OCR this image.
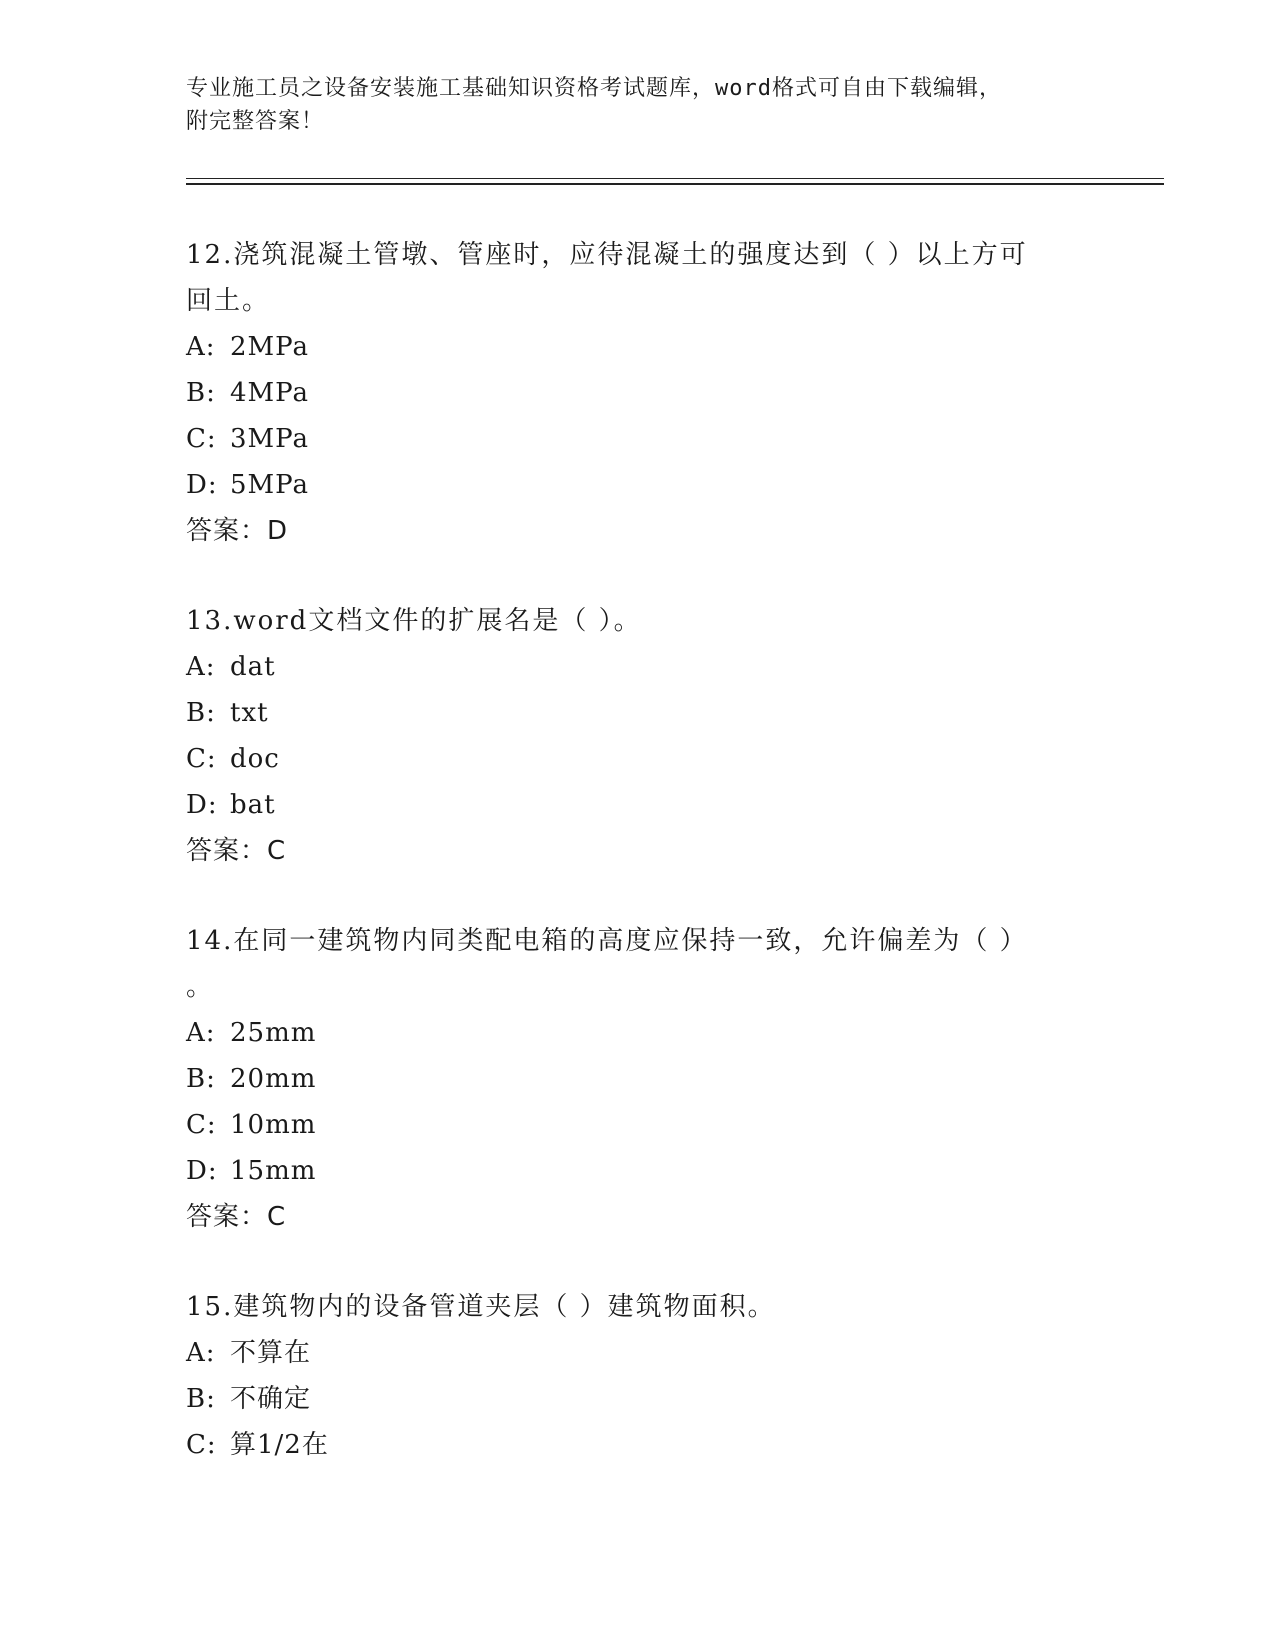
专业施工员之设备安装施工基础知识资格考试题库，word格式可自由下载编辑，
附完整答案！
12.浇筑混凝土管墩、管座时，应待混凝土的强度达到（ ）以上方可
回土。
A: 2MPa
B: 4MPa
C: 3MPa
D: 5MPa
答案：D
13.word文档文件的扩展名是（ ）。
A: dat
B: txt
C: doc
D: bat
答案：C
14.在同一建筑物内同类配电箱的高度应保持一致，允许偏差为（ ）
。
A: 25mm
B: 20mm
C: 10mm
D: 15mm
答案：C
15.建筑物内的设备管道夹层（ ）建筑物面积。
A: 不算在
B: 不确定
C: 算1/2在
